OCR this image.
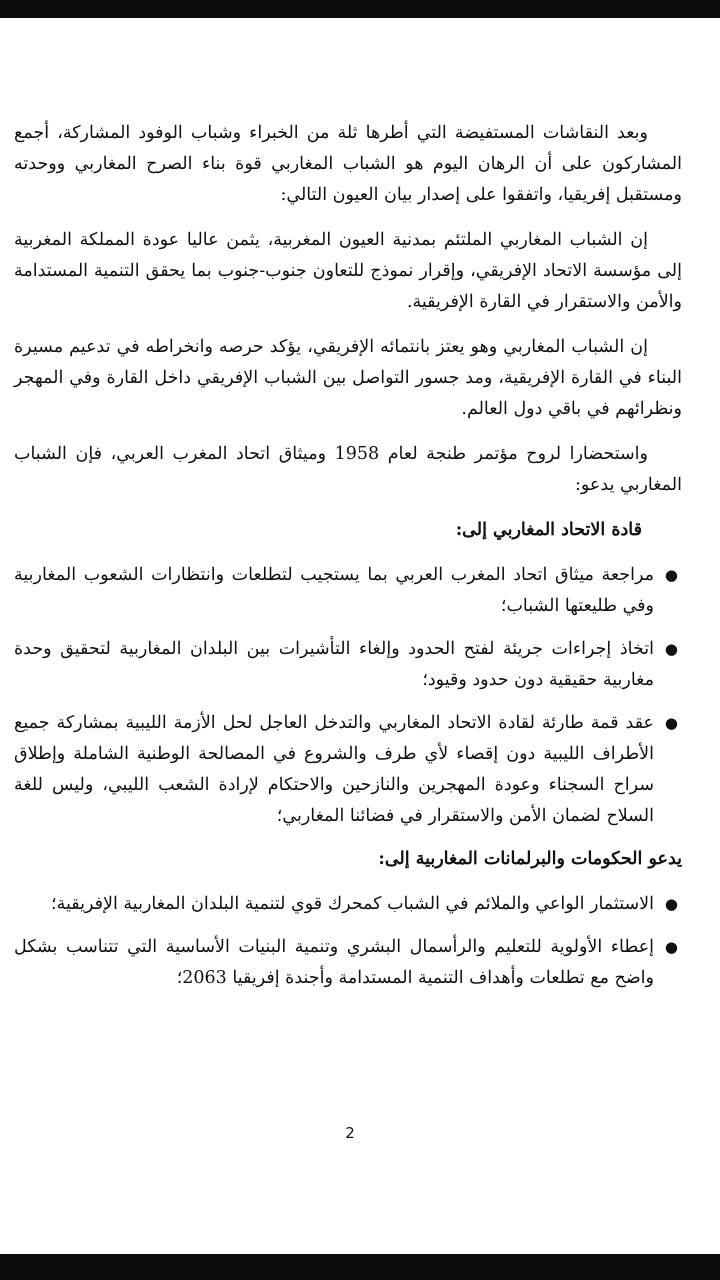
وبعد النقاشات المستفيضة التي أطرها ثلة من الخبراء وشباب الوفود المشاركة، أجمع المشاركون على أن الرهان اليوم هو الشباب المغاربي قوة بناء الصرح المغاربي ووحدته ومستقبل إفريقيا، واتفقوا على إصدار بيان العيون التالي:

إن الشباب المغاربي الملتئم بمدنية العيون المغربية، يثمن عاليا عودة المملكة المغربية إلى مؤسسة الاتحاد الإفريقي، وإقرار نموذج للتعاون جنوب-جنوب بما يحقق التنمية المستدامة والأمن والاستقرار في القارة الإفريقية.

إن الشباب المغاربي وهو يعتز بانتمائه الإفريقي، يؤكد حرصه وانخراطه في تدعيم مسيرة البناء في القارة الإفريقية، ومد جسور التواصل بين الشباب الإفريقي داخل القارة وفي المهجر ونظرائهم في باقي دول العالم.

واستحضارا لروح مؤتمر طنجة لعام 1958 وميثاق اتحاد المغرب العربي، فإن الشباب المغاربي يدعو:

قادة الاتحاد المغاربي إلى:

●
مراجعة ميثاق اتحاد المغرب العربي بما يستجيب لتطلعات وانتظارات الشعوب المغاربية وفي طليعتها الشباب؛
●
اتخاذ إجراءات جريئة لفتح الحدود وإلغاء التأشيرات بين البلدان المغاربية لتحقيق وحدة مغاربية حقيقية دون حدود وقيود؛
●
عقد قمة طارئة لقادة الاتحاد المغاربي والتدخل العاجل لحل الأزمة الليبية بمشاركة جميع الأطراف الليبية دون إقصاء لأي طرف والشروع في المصالحة الوطنية الشاملة وإطلاق سراح السجناء وعودة المهجرين والنازحين والاحتكام لإرادة الشعب الليبي، وليس للغة السلاح لضمان الأمن والاستقرار في فضائنا المغاربي؛

يدعو الحكومات والبرلمانات المغاربية إلى:

●
الاستثمار الواعي والملائم في الشباب كمحرك قوي لتنمية البلدان المغاربية الإفريقية؛
●
إعطاء الأولوية للتعليم والرأسمال البشري وتنمية البنيات الأساسية التي تتناسب بشكل واضح مع تطلعات وأهداف التنمية المستدامة وأجندة إفريقيا 2063؛
2
